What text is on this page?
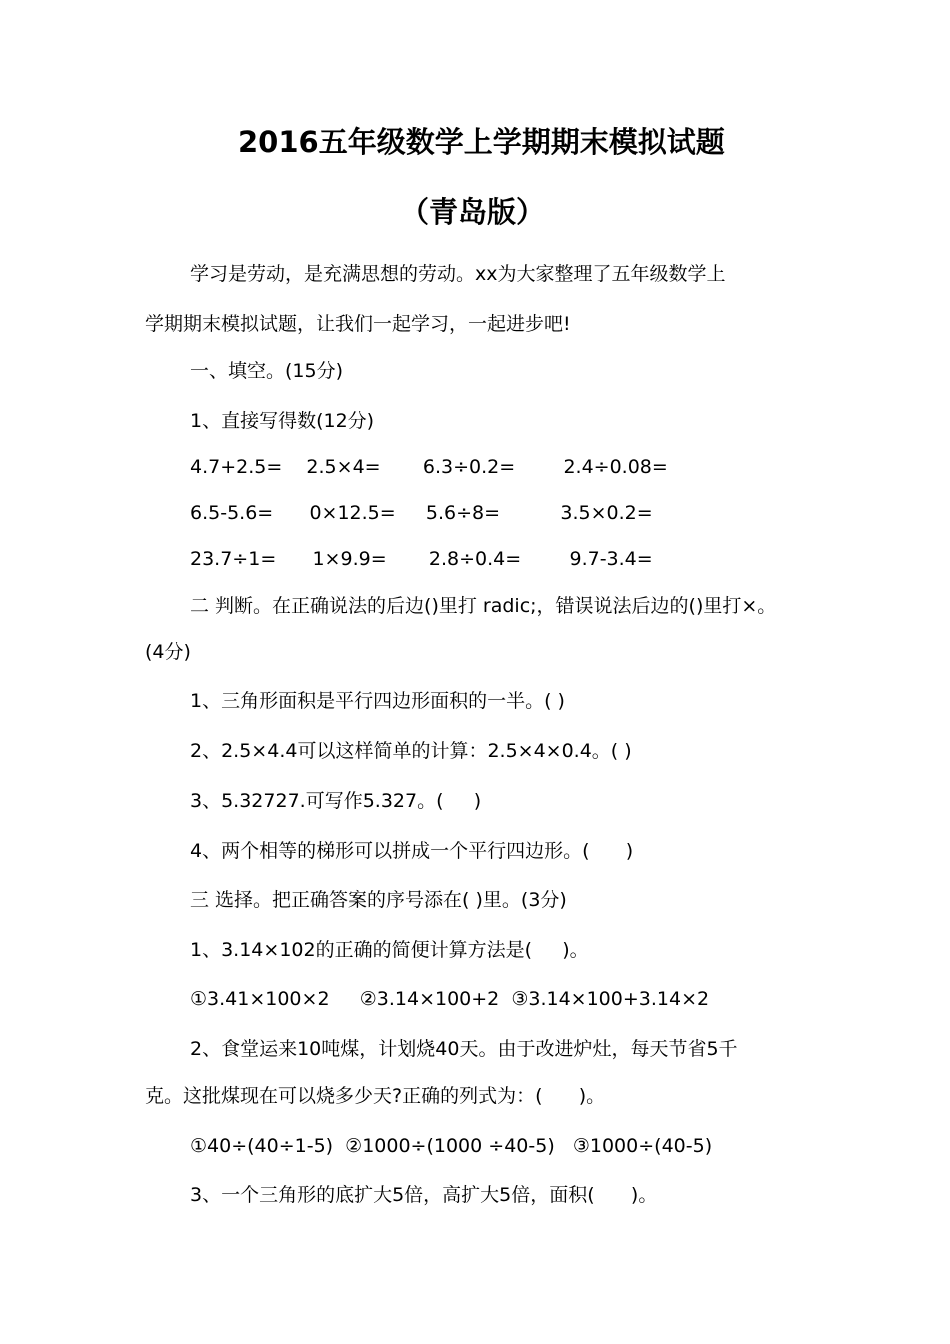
2016五年级数学上学期期末模拟试题
（青岛版）
学习是劳动，是充满思想的劳动。xx为大家整理了五年级数学上
学期期末模拟试题，让我们一起学习，一起进步吧!
一、填空。(15分)
1、直接写得数(12分)
4.7+2.5=    2.5×4=       6.3÷0.2=        2.4÷0.08=
6.5-5.6=      0×12.5=     5.6÷8=          3.5×0.2=
23.7÷1=      1×9.9=       2.8÷0.4=        9.7-3.4=
二 判断。在正确说法的后边()里打 radic;，错误说法后边的()里打×。
(4分)
1、三角形面积是平行四边形面积的一半。( )
2、2.5×4.4可以这样简单的计算：2.5×4×0.4。( )
3、5.32727.可写作5.327。(     )
4、两个相等的梯形可以拼成一个平行四边形。(      )
三 选择。把正确答案的序号添在( )里。(3分)
1、3.14×102的正确的简便计算方法是(     )。
①3.41×100×2     ②3.14×100+2  ③3.14×100+3.14×2
2、食堂运来10吨煤，计划烧40天。由于改进炉灶，每天节省5千
克。这批煤现在可以烧多少天?正确的列式为：(      )。
①40÷(40÷1-5)  ②1000÷(1000 ÷40-5)   ③1000÷(40-5)
3、一个三角形的底扩大5倍，高扩大5倍，面积(      )。
